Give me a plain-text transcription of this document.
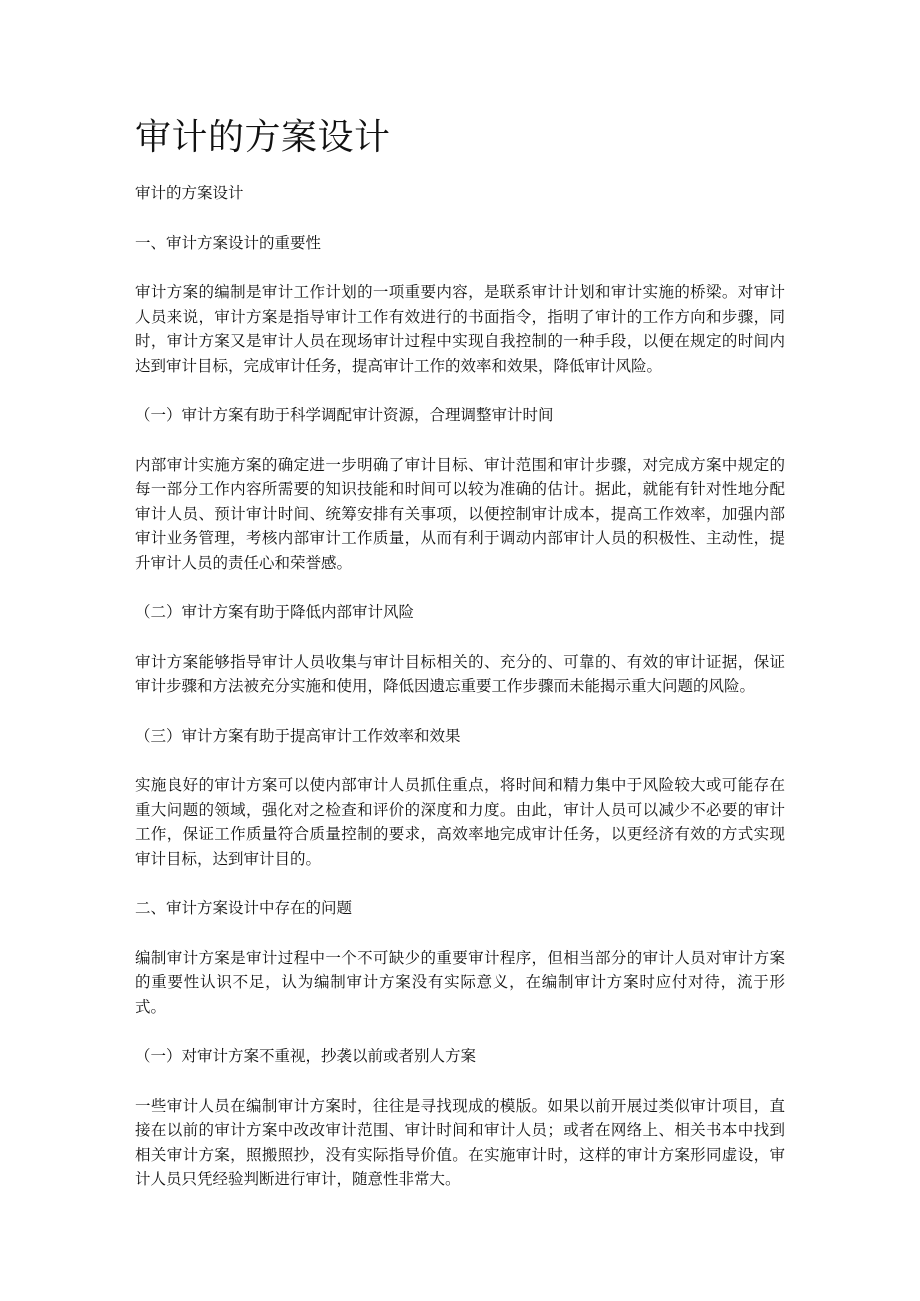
审计的方案设计

审计的方案设计

一、审计方案设计的重要性

审计方案的编制是审计工作计划的一项重要内容，是联系审计计划和审计实施的桥梁。对审计人员来说，审计方案是指导审计工作有效进行的书面指令，指明了审计的工作方向和步骤，同时，审计方案又是审计人员在现场审计过程中实现自我控制的一种手段，以便在规定的时间内达到审计目标，完成审计任务，提高审计工作的效率和效果，降低审计风险。

（一）审计方案有助于科学调配审计资源，合理调整审计时间

内部审计实施方案的确定进一步明确了审计目标、审计范围和审计步骤，对完成方案中规定的每一部分工作内容所需要的知识技能和时间可以较为准确的估计。据此，就能有针对性地分配审计人员、预计审计时间、统筹安排有关事项，以便控制审计成本，提高工作效率，加强内部审计业务管理，考核内部审计工作质量，从而有利于调动内部审计人员的积极性、主动性，提升审计人员的责任心和荣誉感。

（二）审计方案有助于降低内部审计风险

审计方案能够指导审计人员收集与审计目标相关的、充分的、可靠的、有效的审计证据，保证审计步骤和方法被充分实施和使用，降低因遗忘重要工作步骤而未能揭示重大问题的风险。

（三）审计方案有助于提高审计工作效率和效果

实施良好的审计方案可以使内部审计人员抓住重点，将时间和精力集中于风险较大或可能存在重大问题的领域，强化对之检查和评价的深度和力度。由此，审计人员可以减少不必要的审计工作，保证工作质量符合质量控制的要求，高效率地完成审计任务，以更经济有效的方式实现审计目标，达到审计目的。

二、审计方案设计中存在的问题

编制审计方案是审计过程中一个不可缺少的重要审计程序，但相当部分的审计人员对审计方案的重要性认识不足，认为编制审计方案没有实际意义，在编制审计方案时应付对待，流于形式。

（一）对审计方案不重视，抄袭以前或者别人方案

一些审计人员在编制审计方案时，往往是寻找现成的模版。如果以前开展过类似审计项目，直接在以前的审计方案中改改审计范围、审计时间和审计人员；或者在网络上、相关书本中找到相关审计方案，照搬照抄，没有实际指导价值。在实施审计时，这样的审计方案形同虚设，审计人员只凭经验判断进行审计，随意性非常大。
